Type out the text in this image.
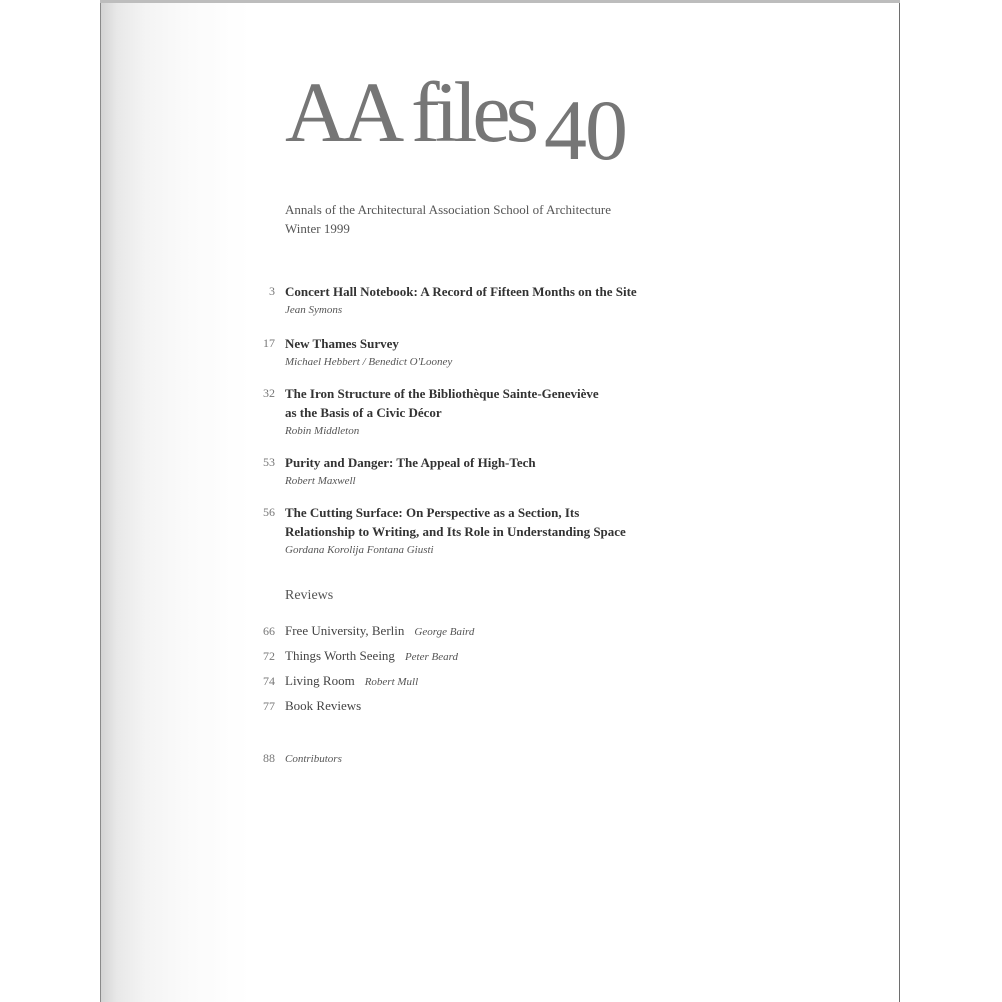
AA files 40
Annals of the Architectural Association School of Architecture
Winter 1999
3 Concert Hall Notebook: A Record of Fifteen Months on the Site
Jean Symons
17 New Thames Survey
Michael Hebbert / Benedict O'Looney
32 The Iron Structure of the Bibliothèque Sainte-Geneviève
as the Basis of a Civic Décor
Robin Middleton
53 Purity and Danger: The Appeal of High-Tech
Robert Maxwell
56 The Cutting Surface: On Perspective as a Section, Its
Relationship to Writing, and Its Role in Understanding Space
Gordana Korolija Fontana Giusti
Reviews
66 Free University, Berlin George Baird
72 Things Worth Seeing Peter Beard
74 Living Room Robert Mull
77 Book Reviews
88 Contributors
